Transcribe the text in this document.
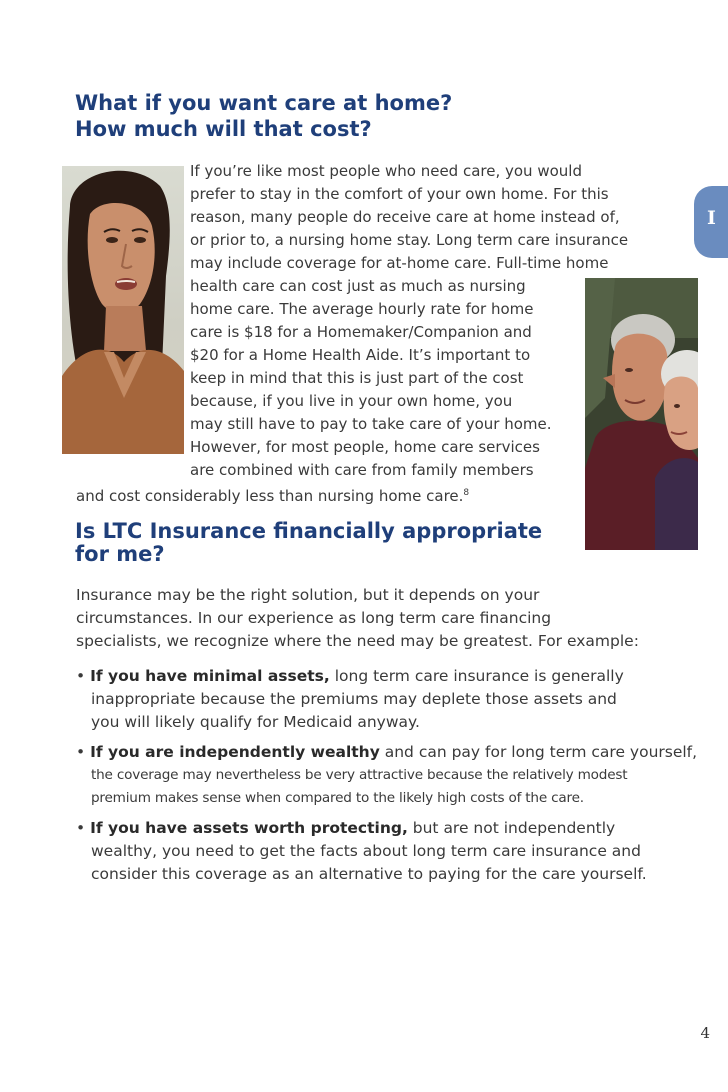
I
What if you want care at home?
How much will that cost?
If you’re like most people who need care, you would
prefer to stay in the comfort of your own home. For this
reason, many people do receive care at home instead of,
or prior to, a nursing home stay. Long term care insurance
may include coverage for at-home care. Full-time home
health care can cost just as much as nursing
home care. The average hourly rate for home
care is $18 for a Homemaker/Companion and
$20 for a Home Health Aide. It’s important to
keep in mind that this is just part of the cost
because, if you live in your own home, you
may still have to pay to take care of your home.
However, for most people, home care services
are combined with care from family members
and cost considerably less than nursing home care.$^8$
Is LTC Insurance financially appropriate
for me?
Insurance may be the right solution, but it depends on your
circumstances. In our experience as long term care financing
specialists, we recognize where the need may be greatest. For example:
• If you have minimal assets, long term care insurance is generally
inappropriate because the premiums may deplete those assets and
you will likely qualify for Medicaid anyway.
• If you are independently wealthy and can pay for long term care yourself,
the coverage may nevertheless be very attractive because the relatively modest
premium makes sense when compared to the likely high costs of the care.
• If you have assets worth protecting, but are not independently
wealthy, you need to get the facts about long term care insurance and
consider this coverage as an alternative to paying for the care yourself.
4
